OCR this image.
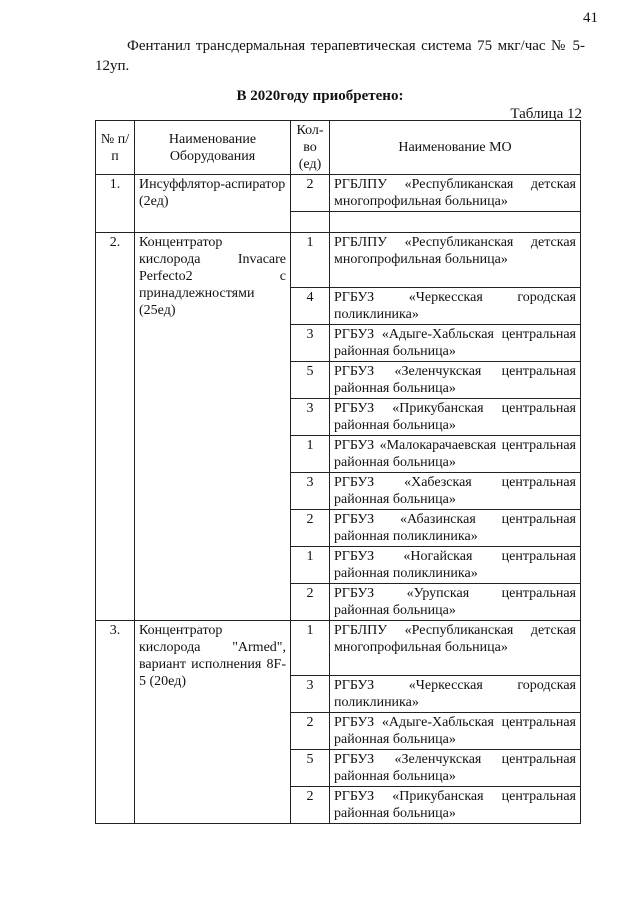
41
Фентанил трансдермальная терапевтическая система 75 мкг/час № 5- 12уп.
В 2020году приобретено:
Таблица 12
№ п/п	Наименование Оборудования	Кол-во (ед)	Наименование МО
1.	Инсуффлятор-аспиратор (2ед)	2	РГБЛПУ «Республиканская детская многопрофильная больница»

2.	Концентратор кислорода Invacare Perfecto2 с принадлежностями (25ед)	1	РГБЛПУ «Республиканская детская многопрофильная больница»
		4	РГБУЗ «Черкесская городская поликлиника»
		3	РГБУЗ «Адыге-Хабльская центральная районная больница»
		5	РГБУЗ «Зеленчукская центральная районная больница»
		3	РГБУЗ «Прикубанская центральная районная больница»
		1	РГБУЗ «Малокарачаевская центральная районная больница»
		3	РГБУЗ «Хабезская центральная районная больница»
		2	РГБУЗ «Абазинская центральная районная поликлиника»
		1	РГБУЗ «Ногайская центральная районная поликлиника»
		2	РГБУЗ «Урупская центральная районная больница»
3.	Концентратор кислорода "Armed", вариант исполнения 8F-5 (20ед)	1	РГБЛПУ «Республиканская детская многопрофильная больница»
		3	РГБУЗ «Черкесская городская поликлиника»
		2	РГБУЗ «Адыге-Хабльская центральная районная больница»
		5	РГБУЗ «Зеленчукская центральная районная больница»
		2	РГБУЗ «Прикубанская центральная районная больница»
